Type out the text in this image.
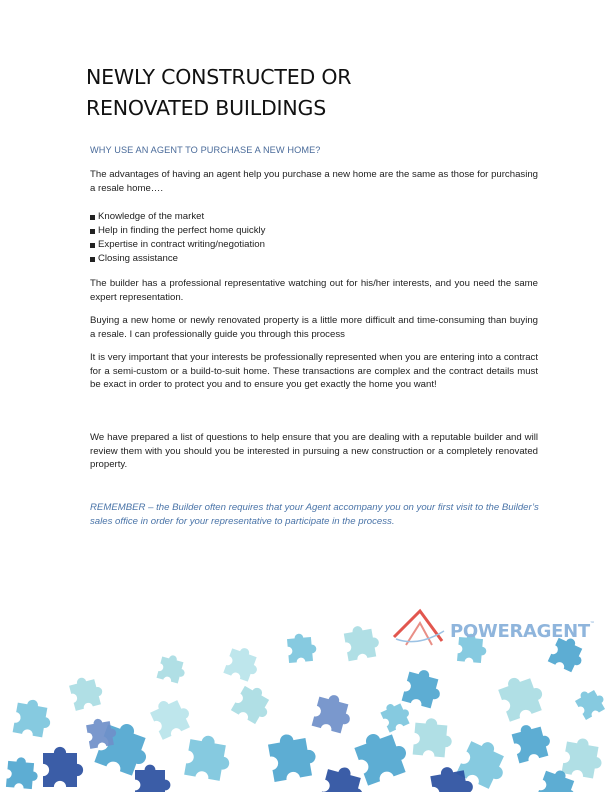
NEWLY CONSTRUCTED OR
RENOVATED BUILDINGS
WHY USE AN AGENT TO PURCHASE A NEW HOME?
The advantages of having an agent help you purchase a new home are the same as those for purchasing a resale home….
Knowledge of the market
Help in finding the perfect home quickly
Expertise in contract writing/negotiation
Closing assistance
The builder has a professional representative watching out for his/her interests, and you need the same expert representation.
Buying a new home or newly renovated property is a little more difficult and time-consuming than buying a resale. I can professionally guide you through this process
It is very important that your interests be professionally represented when you are entering into a contract for a semi-custom or a build-to-suit home. These transactions are complex and the contract details must be exact in order to protect you and to ensure you get exactly the home you want!
We have prepared a list of questions to help ensure that you are dealing with a reputable builder and will review them with you should you be interested in pursuing a new construction or a completely renovated property.
REMEMBER – the Builder often requires that your Agent accompany you on your first visit to the Builder’s sales office in order for your representative to participate in the process.
POWERAGENT™
